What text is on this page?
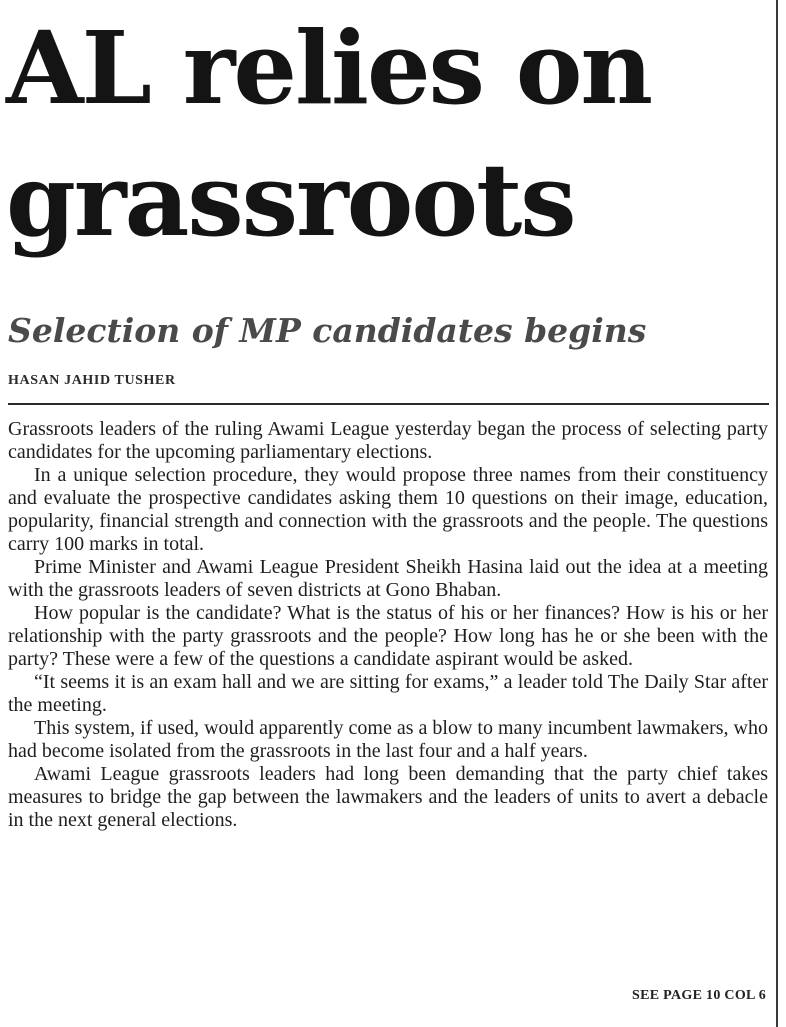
AL relies on
grassroots
Selection of MP candidates begins
HASAN JAHID TUSHER

Grassroots leaders of the ruling Awami League yesterday began the process of selecting party candidates for the upcoming parliamentary elections.

In a unique selection procedure, they would propose three names from their constituency and evaluate the prospective candidates asking them 10 questions on their image, education, popularity, financial strength and connection with the grassroots and the people. The questions carry 100 marks in total.

Prime Minister and Awami League President Sheikh Hasina laid out the idea at a meeting with the grassroots leaders of seven districts at Gono Bhaban.

How popular is the candidate? What is the status of his or her finances? How is his or her relationship with the party grassroots and the people? How long has he or she been with the party? These were a few of the questions a candidate aspirant would be asked.

“It seems it is an exam hall and we are sitting for exams,” a leader told The Daily Star after the meeting.

This system, if used, would apparently come as a blow to many incumbent lawmakers, who had become isolated from the grassroots in the last four and a half years.

Awami League grassroots leaders had long been demanding that the party chief takes measures to bridge the gap between the lawmakers and the leaders of units to avert a debacle in the next general elections.

SEE PAGE 10 COL 6
